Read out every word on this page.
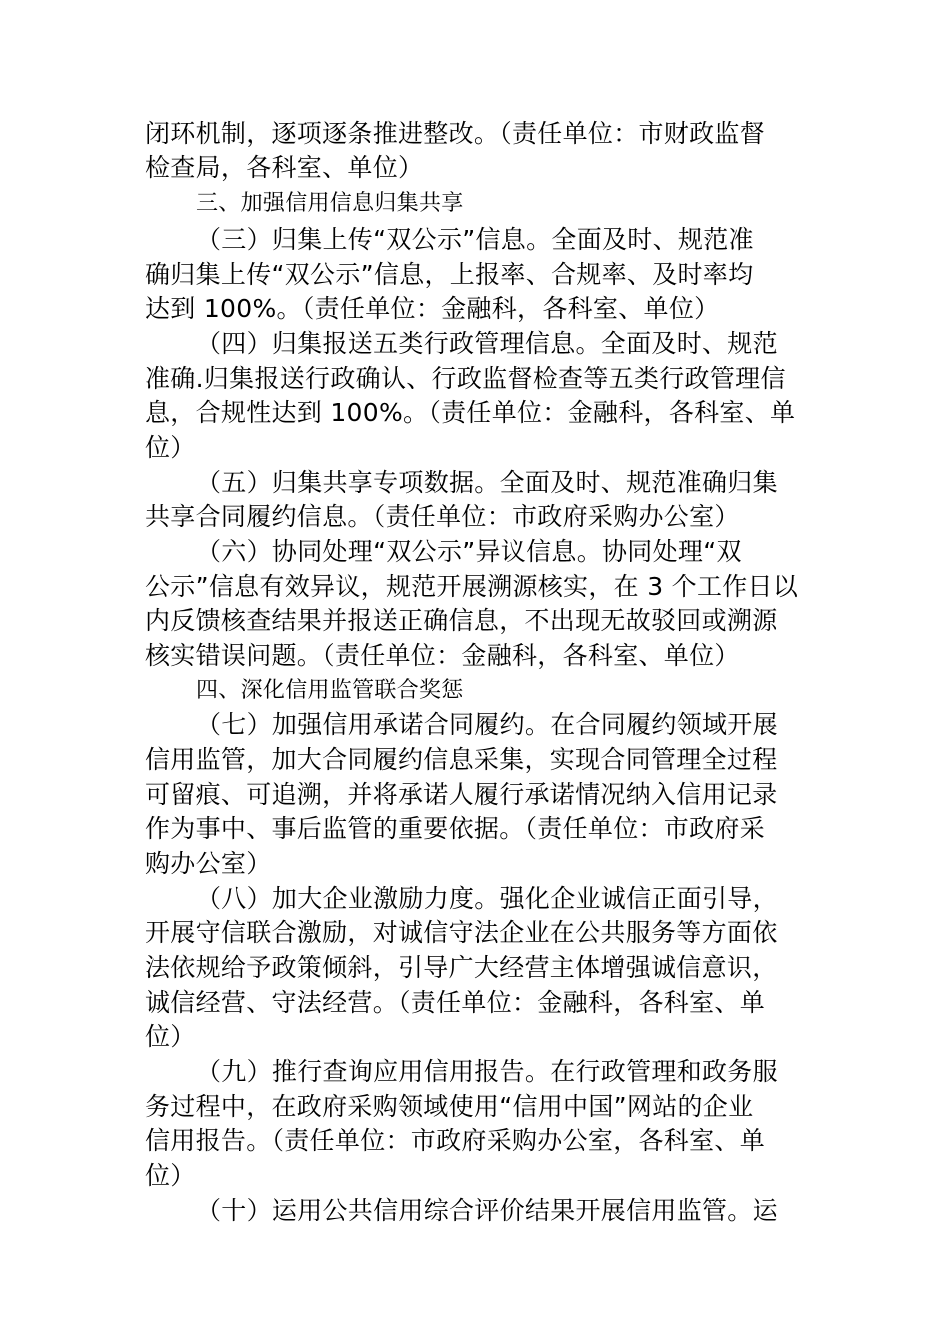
闭环机制，逐项逐条推进整改。（责任单位：市财政监督

检查局，各科室、单位）

三、加强信用信息归集共享

（三）归集上传“双公示”信息。全面及时、规范准

确归集上传“双公示”信息，上报率、合规率、及时率均

达到 100%。（责任单位：金融科，各科室、单位）

（四）归集报送五类行政管理信息。全面及时、规范

准确.归集报送行政确认、行政监督检查等五类行政管理信

息，合规性达到 100%。（责任单位：金融科，各科室、单

位）

（五）归集共享专项数据。全面及时、规范准确归集

共享合同履约信息。（责任单位：市政府采购办公室）

（六）协同处理“双公示”异议信息。协同处理“双

公示”信息有效异议，规范开展溯源核实，在 3 个工作日以

内反馈核查结果并报送正确信息，不出现无故驳回或溯源

核实错误问题。（责任单位：金融科，各科室、单位）

四、深化信用监管联合奖惩

（七）加强信用承诺合同履约。在合同履约领域开展

信用监管，加大合同履约信息采集，实现合同管理全过程

可留痕、可追溯，并将承诺人履行承诺情况纳入信用记录

作为事中、事后监管的重要依据。（责任单位：市政府采

购办公室）

（八）加大企业激励力度。强化企业诚信正面引导，

开展守信联合激励，对诚信守法企业在公共服务等方面依

法依规给予政策倾斜，引导广大经营主体增强诚信意识，

诚信经营、守法经营。（责任单位：金融科，各科室、单

位）

（九）推行查询应用信用报告。在行政管理和政务服

务过程中，在政府采购领域使用“信用中国”网站的企业

信用报告。（责任单位：市政府采购办公室，各科室、单

位）

（十）运用公共信用综合评价结果开展信用监管。运
